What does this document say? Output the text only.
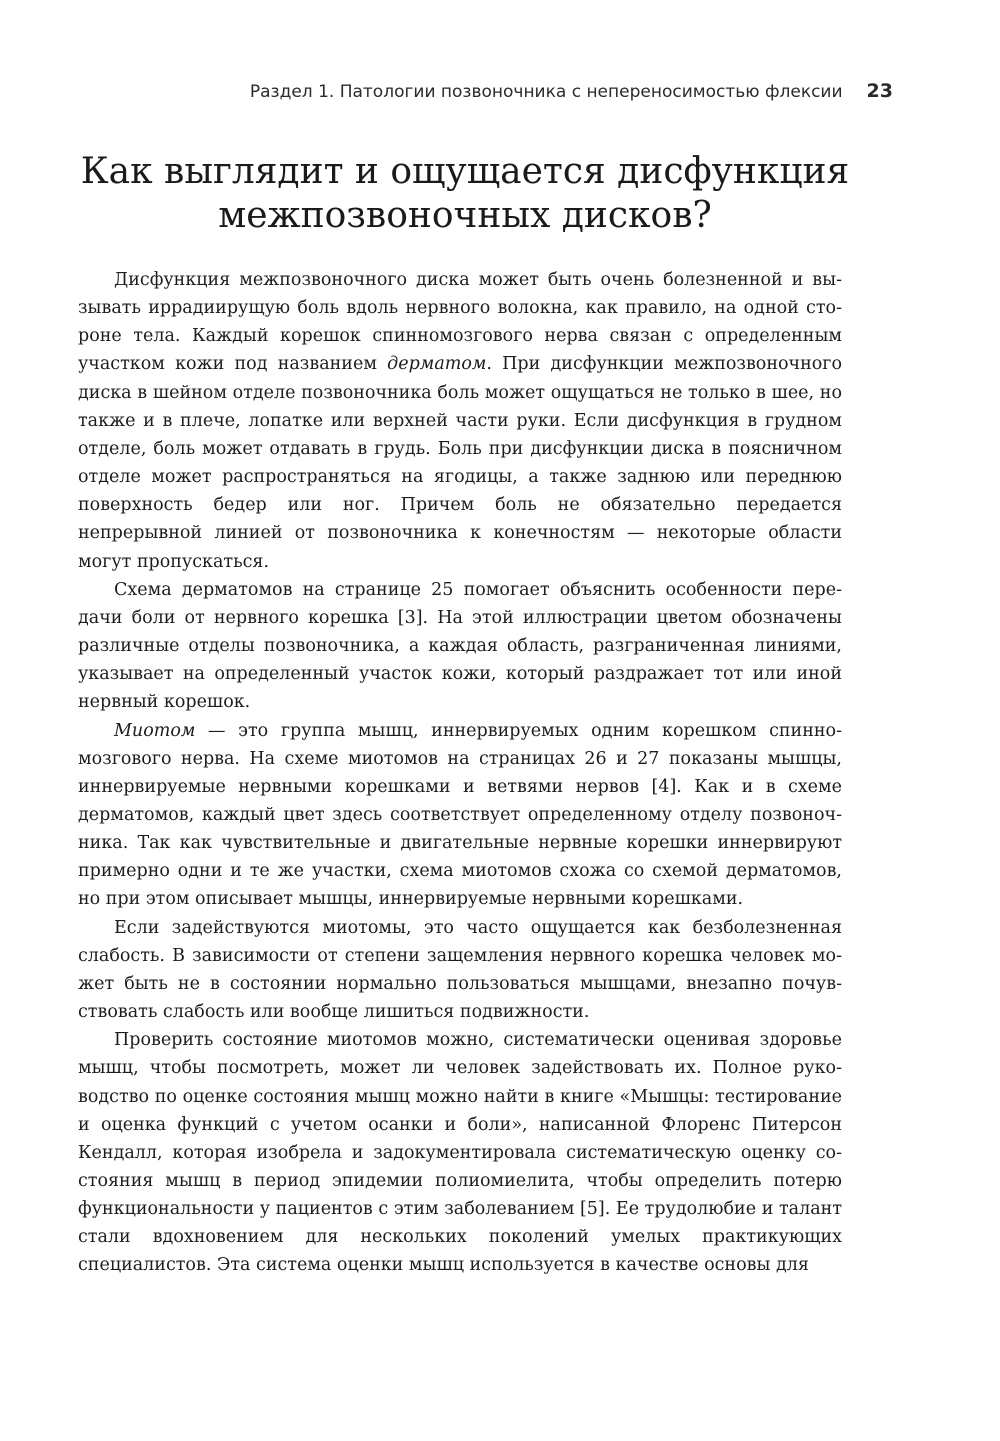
Раздел 1. Патологии позвоночника с непереносимостью флексии 23
Как выглядит и ощущается дисфункция
межпозвоночных дисков?

Дисфункция межпозвоночного диска может быть очень болезненной и вызывать иррадиирущую боль вдоль нервного волокна, как правило, на одной стороне тела. Каждый корешок спинномозгового нерва связан с определенным участком кожи под названием дерматом. При дисфункции межпозвоночного диска в шейном отделе позвоночника боль может ощущаться не только в шее, но также и в плече, лопатке или верхней части руки. Если дисфункция в грудном отделе, боль может отдавать в грудь. Боль при дисфункции диска в поясничном отделе может распространяться на ягодицы, а также заднюю или переднюю поверхность бедер или ног. Причем боль не обязательно передается непрерывной линией от позвоночника к конечностям — некоторые области могут пропускаться.

Схема дерматомов на странице 25 помогает объяснить особенности передачи боли от нервного корешка [3]. На этой иллюстрации цветом обозначены различные отделы позвоночника, а каждая область, разграниченная линиями, указывает на определенный участок кожи, который раздражает тот или иной нервный корешок.

Миотом — это группа мышц, иннервируемых одним корешком спинномозгового нерва. На схеме миотомов на страницах 26 и 27 показаны мышцы, иннервируемые нервными корешками и ветвями нервов [4]. Как и в схеме дерматомов, каждый цвет здесь соответствует определенному отделу позвоночника. Так как чувствительные и двигательные нервные корешки иннервируют примерно одни и те же участки, схема миотомов схожа со схемой дерматомов, но при этом описывает мышцы, иннервируемые нервными корешками.

Если задействуются миотомы, это часто ощущается как безболезненная слабость. В зависимости от степени защемления нервного корешка человек может быть не в состоянии нормально пользоваться мышцами, внезапно почувствовать слабость или вообще лишиться подвижности.

Проверить состояние миотомов можно, систематически оценивая здоровье мышц, чтобы посмотреть, может ли человек задействовать их. Полное руководство по оценке состояния мышц можно найти в книге «Мышцы: тестирование и оценка функций с учетом осанки и боли», написанной Флоренс Питерсон Кендалл, которая изобрела и задокументировала систематическую оценку состояния мышц в период эпидемии полиомиелита, чтобы определить потерю функциональности у пациентов с этим заболеванием [5]. Ее трудолюбие и талант стали вдохновением для нескольких поколений умелых практикующих специалистов. Эта система оценки мышц используется в качестве основы для
